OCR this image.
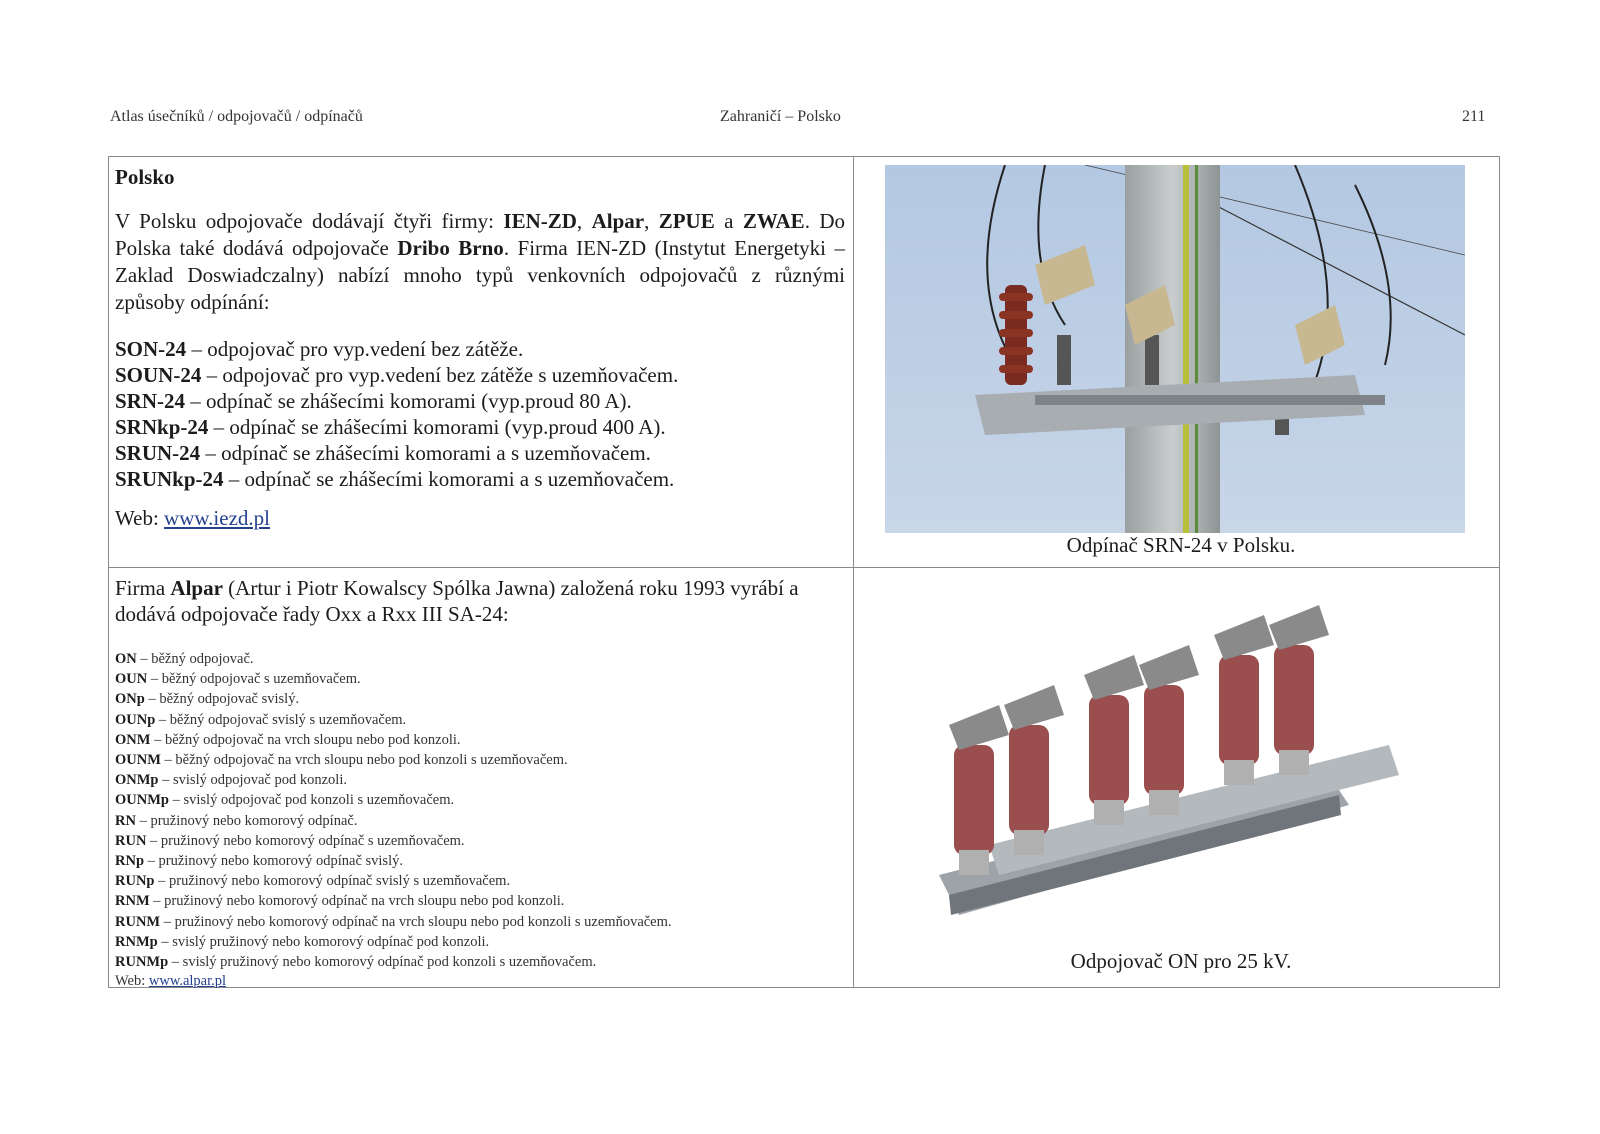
Atlas úsečníků / odpojovačů / odpínačů	Zahraničí – Polsko	211
Polsko

V Polsku odpojovače dodávají čtyři firmy: IEN-ZD, Alpar, ZPUE a ZWAE. Do Polska také dodává odpojovače Dribo Brno. Firma IEN-ZD (Instytut Energetyki – Zaklad Doswiadczalny) nabízí mnoho typů venkovních odpojovačů z různými způsoby odpínání:

SON-24 – odpojovač pro vyp.vedení bez zátěže.
SOUN-24 – odpojovač pro vyp.vedení bez zátěže s uzemňovačem.
SRN-24 – odpínač se zhášecími komorami (vyp.proud 80 A).
SRNkp-24 – odpínač se zhášecími komorami (vyp.proud 400 A).
SRUN-24 – odpínač se zhášecími komorami a s uzemňovačem.
SRUNkp-24 – odpínač se zhášecími komorami a s uzemňovačem.
Web: www.iezd.pl
Odpínač SRN-24 v Polsku.

Firma Alpar (Artur i Piotr Kowalscy Spólka Jawna) založená roku 1993 vyrábí a dodává odpojovače řady Oxx a Rxx III SA-24:

ON – běžný odpojovač.
OUN – běžný odpojovač s uzemňovačem.
ONp – běžný odpojovač svislý.
OUNp – běžný odpojovač svislý s uzemňovačem.
ONM – běžný odpojovač na vrch sloupu nebo pod konzoli.
OUNM – běžný odpojovač na vrch sloupu nebo pod konzoli s uzemňovačem.
ONMp – svislý odpojovač pod konzoli.
OUNMp – svislý odpojovač pod konzoli s uzemňovačem.
RN – pružinový nebo komorový odpínač.
RUN – pružinový nebo komorový odpínač s uzemňovačem.
RNp – pružinový nebo komorový odpínač svislý.
RUNp – pružinový nebo komorový odpínač svislý s uzemňovačem.
RNM – pružinový nebo komorový odpínač na vrch sloupu nebo pod konzoli.
RUNM – pružinový nebo komorový odpínač na vrch sloupu nebo pod konzoli s uzemňovačem.
RNMp – svislý pružinový nebo komorový odpínač pod konzoli.
RUNMp – svislý pružinový nebo komorový odpínač pod konzoli s uzemňovačem.
Web: www.alpar.pl
Odpojovač ON pro 25 kV.
